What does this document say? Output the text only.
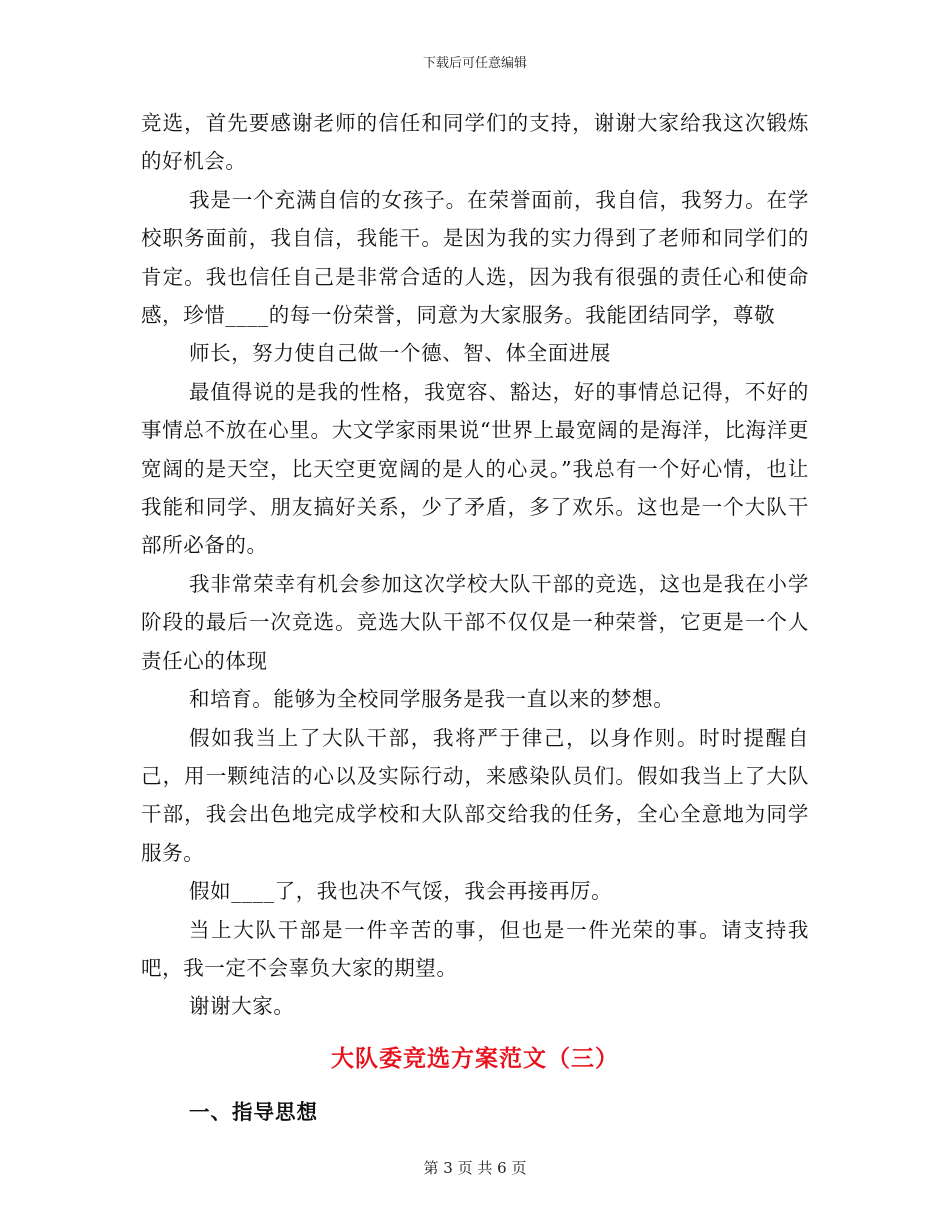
下载后可任意编辑

竞选，首先要感谢老师的信任和同学们的支持，谢谢大家给我这次锻炼的好机会。

我是一个充满自信的女孩子。在荣誉面前，我自信，我努力。在学校职务面前，我自信，我能干。是因为我的实力得到了老师和同学们的肯定。我也信任自己是非常合适的人选，因为我有很强的责任心和使命感，珍惜____的每一份荣誉，同意为大家服务。我能团结同学，尊敬

师长，努力使自己做一个德、智、体全面进展

最值得说的是我的性格，我宽容、豁达，好的事情总记得，不好的事情总不放在心里。大文学家雨果说“世界上最宽阔的是海洋，比海洋更宽阔的是天空，比天空更宽阔的是人的心灵。”我总有一个好心情，也让我能和同学、朋友搞好关系，少了矛盾，多了欢乐。这也是一个大队干部所必备的。

我非常荣幸有机会参加这次学校大队干部的竞选，这也是我在小学阶段的最后一次竞选。竞选大队干部不仅仅是一种荣誉，它更是一个人责任心的体现

和培育。能够为全校同学服务是我一直以来的梦想。

假如我当上了大队干部，我将严于律己，以身作则。时时提醒自己，用一颗纯洁的心以及实际行动，来感染队员们。假如我当上了大队干部，我会出色地完成学校和大队部交给我的任务，全心全意地为同学服务。

假如____了，我也决不气馁，我会再接再厉。

当上大队干部是一件辛苦的事，但也是一件光荣的事。请支持我吧，我一定不会辜负大家的期望。

谢谢大家。

大队委竞选方案范文（三）
一、指导思想
第 3 页 共 6 页
